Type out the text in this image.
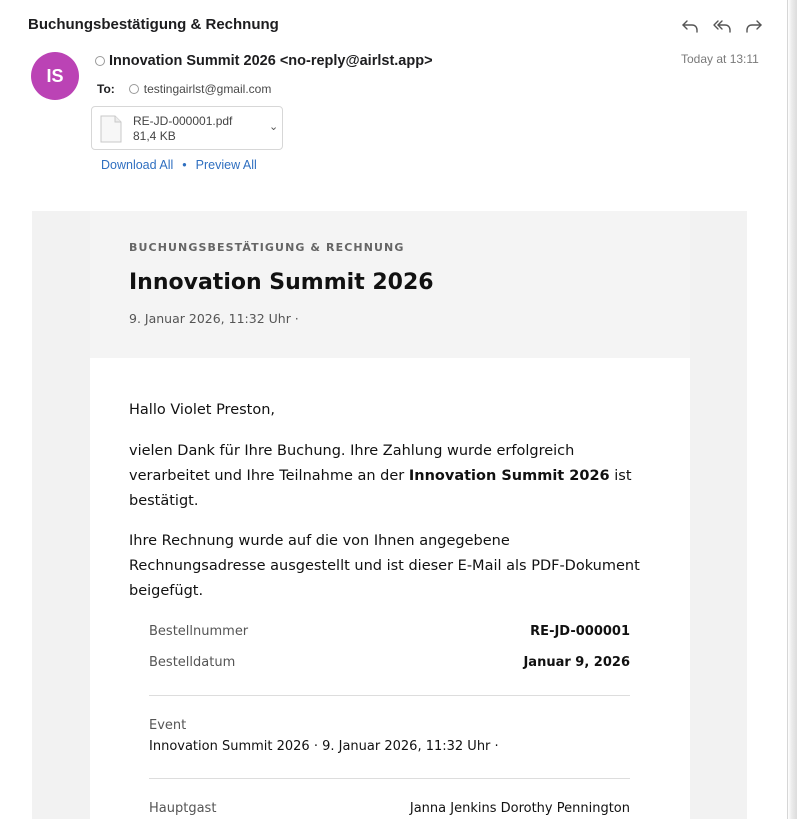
Buchungsbestätigung & Rechnung
IS
Innovation Summit 2026 <no-reply@airlst.app>	Today at 13:11
To: testingairlst@gmail.com
RE-JD-000001.pdf
81,4 KB
⌄
Download All • Preview All
BUCHUNGSBESTÄTIGUNG & RECHNUNG
Innovation Summit 2026
9. Januar 2026, 11:32 Uhr ·
Hallo Violet Preston,

vielen Dank für Ihre Buchung. Ihre Zahlung wurde erfolgreich verarbeitet und Ihre Teilnahme an der Innovation Summit 2026 ist bestätigt.

Ihre Rechnung wurde auf die von Ihnen angegebene Rechnungsadresse ausgestellt und ist dieser E-Mail als PDF-Dokument beigefügt.

Bestellnummer	RE-JD-000001
Bestelldatum	Januar 9, 2026
Event
Innovation Summit 2026 · 9. Januar 2026, 11:32 Uhr ·
Hauptgast	Janna Jenkins Dorothy Pennington
